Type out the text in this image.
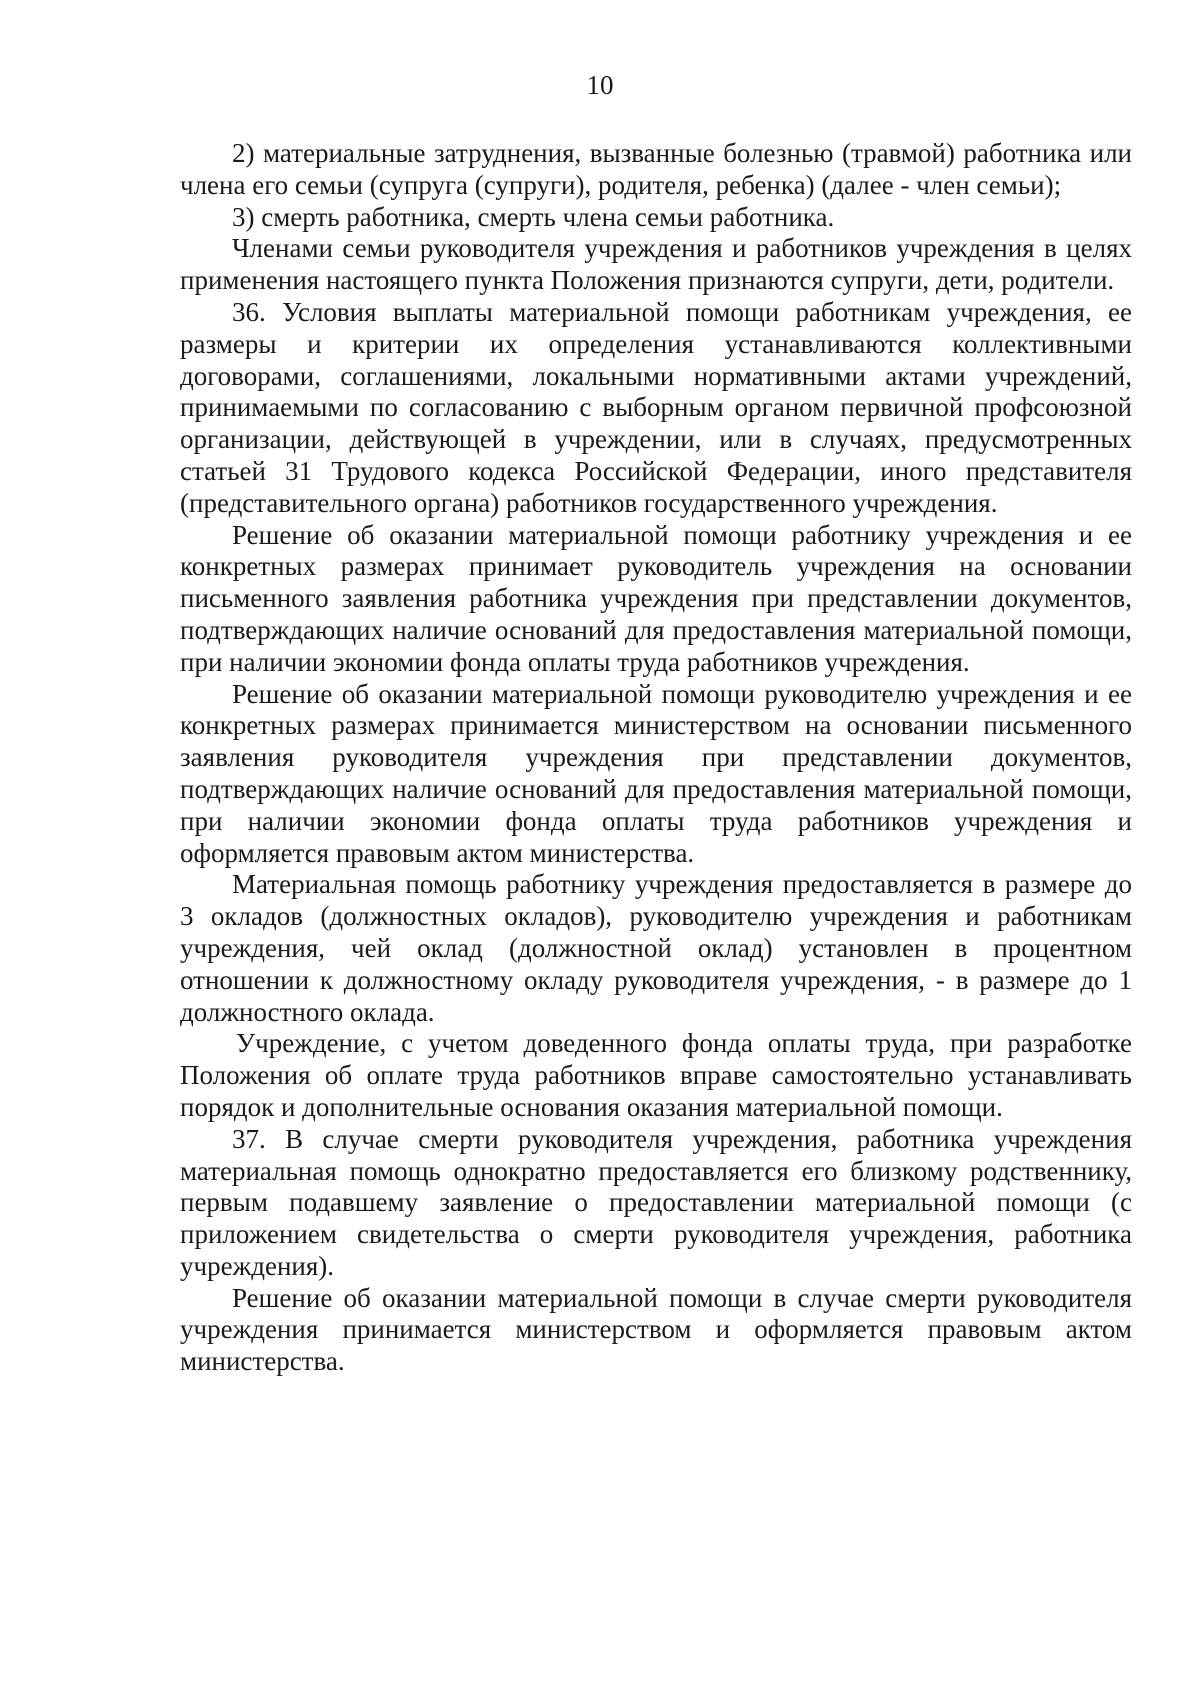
10

2) материальные затруднения, вызванные болезнью (травмой) работника или члена его семьи (супруга (супруги), родителя, ребенка) (далее - член семьи);

3) смерть работника, смерть члена семьи работника.

Членами семьи руководителя учреждения и работников учреждения в целях применения настоящего пункта Положения признаются супруги, дети, родители.

36. Условия выплаты материальной помощи работникам учреждения, ее размеры и критерии их определения устанавливаются коллективными договорами, соглашениями, локальными нормативными актами учреждений, принимаемыми по согласованию с выборным органом первичной профсоюзной организации, действующей в учреждении, или в случаях, предусмотренных статьей 31 Трудового кодекса Российской Федерации, иного представителя (представительного органа) работников государственного учреждения.

Решение об оказании материальной помощи работнику учреждения и ее конкретных размерах принимает руководитель учреждения на основании письменного заявления работника учреждения при представлении документов, подтверждающих наличие оснований для предоставления материальной помощи, при наличии экономии фонда оплаты труда работников учреждения.

Решение об оказании материальной помощи руководителю учреждения и ее конкретных размерах принимается министерством на основании письменного заявления руководителя учреждения при представлении документов, подтверждающих наличие оснований для предоставления материальной помощи, при наличии экономии фонда оплаты труда работников учреждения и оформляется правовым актом министерства.

Материальная помощь работнику учреждения предоставляется в размере до 3 окладов (должностных окладов), руководителю учреждения и работникам учреждения, чей оклад (должностной оклад) установлен в процентном отношении к должностному окладу руководителя учреждения, - в размере до 1 должностного оклада.

Учреждение, с учетом доведенного фонда оплаты труда, при разработке Положения об оплате труда работников вправе самостоятельно устанавливать порядок и дополнительные основания оказания материальной помощи.

37. В случае смерти руководителя учреждения, работника учреждения материальная помощь однократно предоставляется его близкому родственнику, первым подавшему заявление о предоставлении материальной помощи (с приложением свидетельства о смерти руководителя учреждения, работника учреждения).

Решение об оказании материальной помощи в случае смерти руководителя учреждения принимается министерством и оформляется правовым актом министерства.
